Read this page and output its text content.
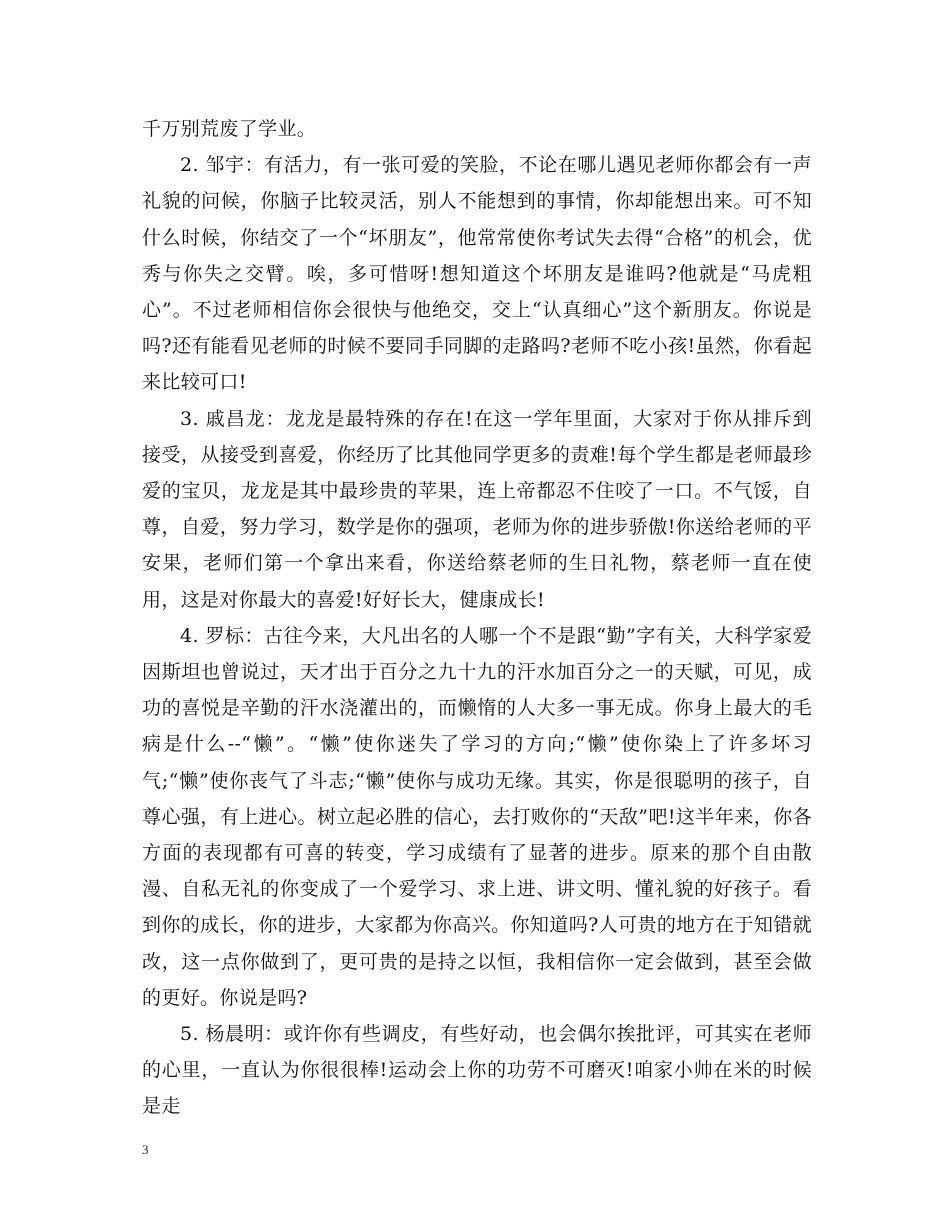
千万别荒废了学业。

2. 邹宇：有活力，有一张可爱的笑脸，不论在哪儿遇见老师你都会有一声礼貌的问候，你脑子比较灵活，别人不能想到的事情，你却能想出来。可不知什么时候，你结交了一个“坏朋友”，他常常使你考试失去得“合格”的机会，优秀与你失之交臂。唉，多可惜呀!想知道这个坏朋友是谁吗?他就是“马虎粗心”。不过老师相信你会很快与他绝交，交上“认真细心”这个新朋友。你说是吗?还有能看见老师的时候不要同手同脚的走路吗?老师不吃小孩!虽然，你看起来比较可口!

3. 戚昌龙：龙龙是最特殊的存在!在这一学年里面，大家对于你从排斥到接受，从接受到喜爱，你经历了比其他同学更多的责难!每个学生都是老师最珍爱的宝贝，龙龙是其中最珍贵的苹果，连上帝都忍不住咬了一口。不气馁，自尊，自爱，努力学习，数学是你的强项，老师为你的进步骄傲!你送给老师的平安果，老师们第一个拿出来看，你送给蔡老师的生日礼物，蔡老师一直在使用，这是对你最大的喜爱!好好长大，健康成长!

4. 罗标：古往今来，大凡出名的人哪一个不是跟“勤”字有关，大科学家爱因斯坦也曾说过，天才出于百分之九十九的汗水加百分之一的天赋，可见，成功的喜悦是辛勤的汗水浇灌出的，而懒惰的人大多一事无成。你身上最大的毛病是什么--“懒”。“懒”使你迷失了学习的方向;“懒”使你染上了许多坏习气;“懒”使你丧气了斗志;“懒”使你与成功无缘。其实，你是很聪明的孩子，自尊心强，有上进心。树立起必胜的信心，去打败你的“天敌”吧!这半年来，你各方面的表现都有可喜的转变，学习成绩有了显著的进步。原来的那个自由散漫、自私无礼的你变成了一个爱学习、求上进、讲文明、懂礼貌的好孩子。看到你的成长，你的进步，大家都为你高兴。你知道吗?人可贵的地方在于知错就改，这一点你做到了，更可贵的是持之以恒，我相信你一定会做到，甚至会做的更好。你说是吗?

5. 杨晨明：或许你有些调皮，有些好动，也会偶尔挨批评，可其实在老师的心里，一直认为你很很棒!运动会上你的功劳不可磨灭!咱家小帅在米的时候是走

3
